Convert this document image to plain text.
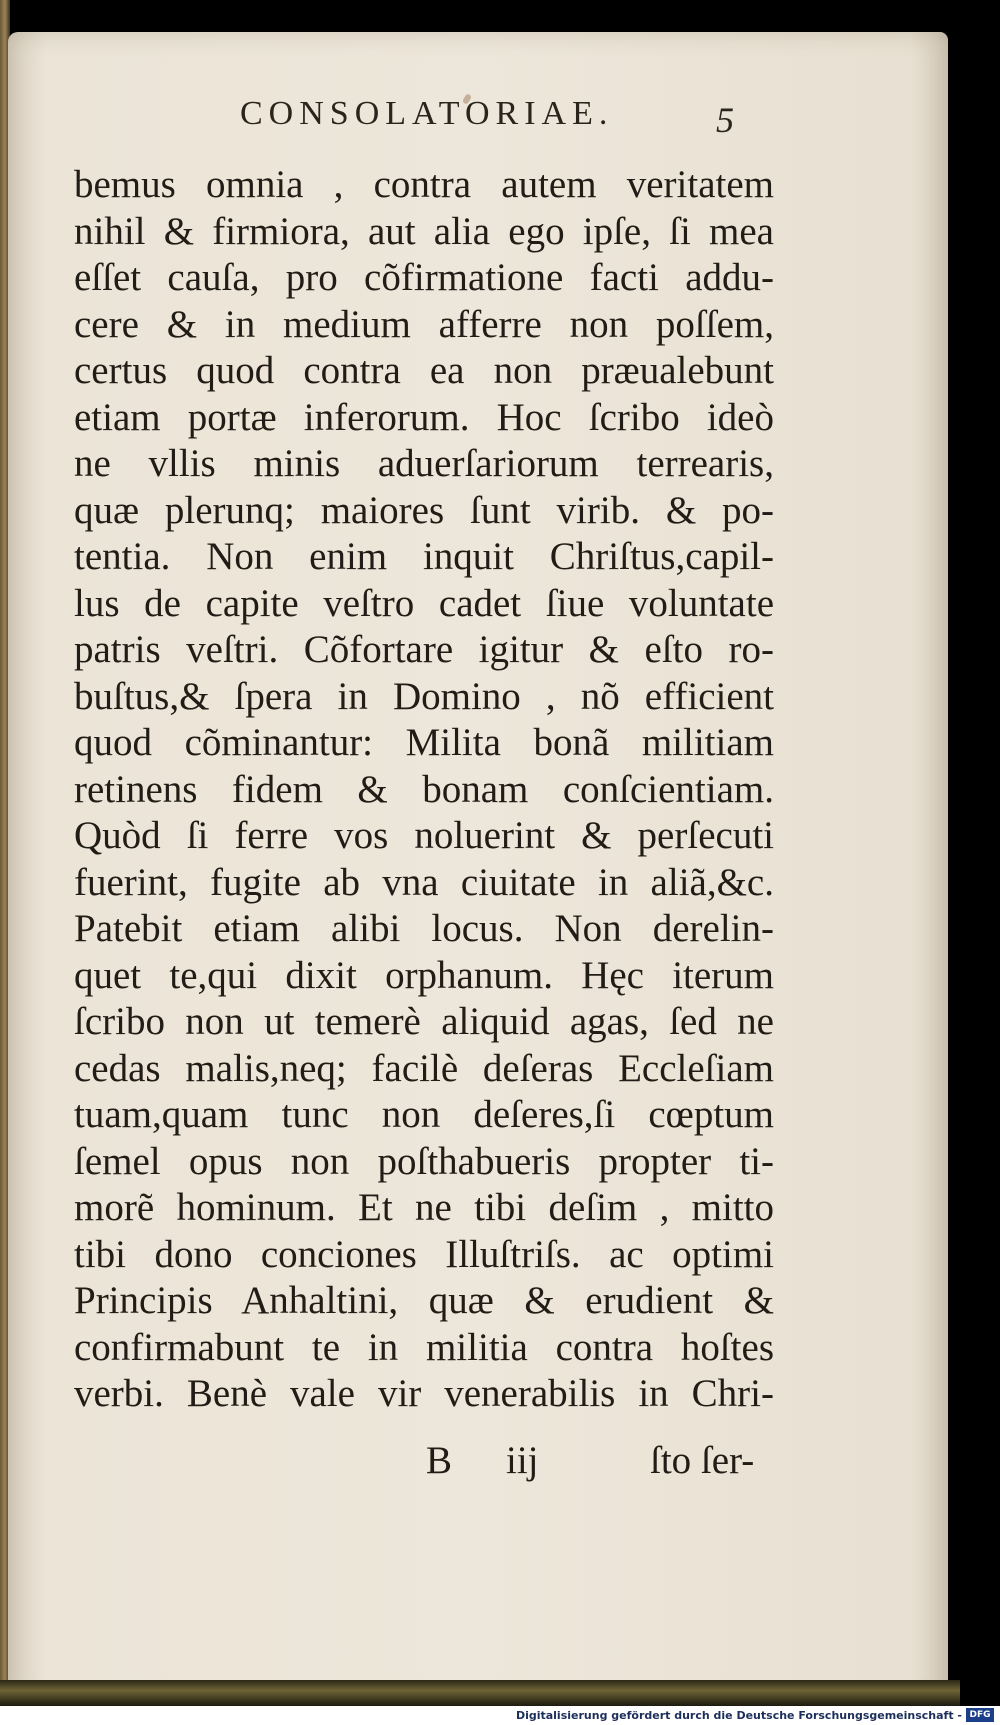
CONSOLATORIAE.	5
bemus omnia , contra autem veritatem
nihil & firmiora, aut alia ego ipſe, ſi mea
eſſet cauſa, pro cõfirmatione facti addu-
cere & in medium afferre non poſſem,
certus quod contra ea non præualebunt
etiam portæ inferorum. Hoc ſcribo ideò
ne vllis minis aduerſariorum terrearis,
quæ plerunq; maiores ſunt virib. & po-
tentia. Non enim inquit Chriſtus,capil-
lus de capite veſtro cadet ſiue voluntate
patris veſtri. Cõfortare igitur & eſto ro-
buſtus,& ſpera in Domino , nõ efficient
quod cõminantur: Milita bonã militiam
retinens fidem & bonam conſcientiam.
Quòd ſi ferre vos noluerint & perſecuti
fuerint, fugite ab vna ciuitate in aliã,&c.
Patebit etiam alibi locus. Non derelin-
quet te,qui dixit orphanum. Hęc iterum
ſcribo non ut temerè aliquid agas, ſed ne
cedas malis,neq; facilè deſeras Eccleſiam
tuam,quam tunc non deſeres,ſi cœptum
ſemel opus non poſthabueris propter ti-
morẽ hominum. Et ne tibi deſim , mitto
tibi dono conciones Illuſtriſs. ac optimi
Principis Anhaltini, quæ & erudient &
confirmabunt te in militia contra hoſtes
verbi. Benè vale vir venerabilis in Chri-
B iij	ſto ſer-
Digitalisierung gefördert durch die Deutsche Forschungsgemeinschaft - DFG
